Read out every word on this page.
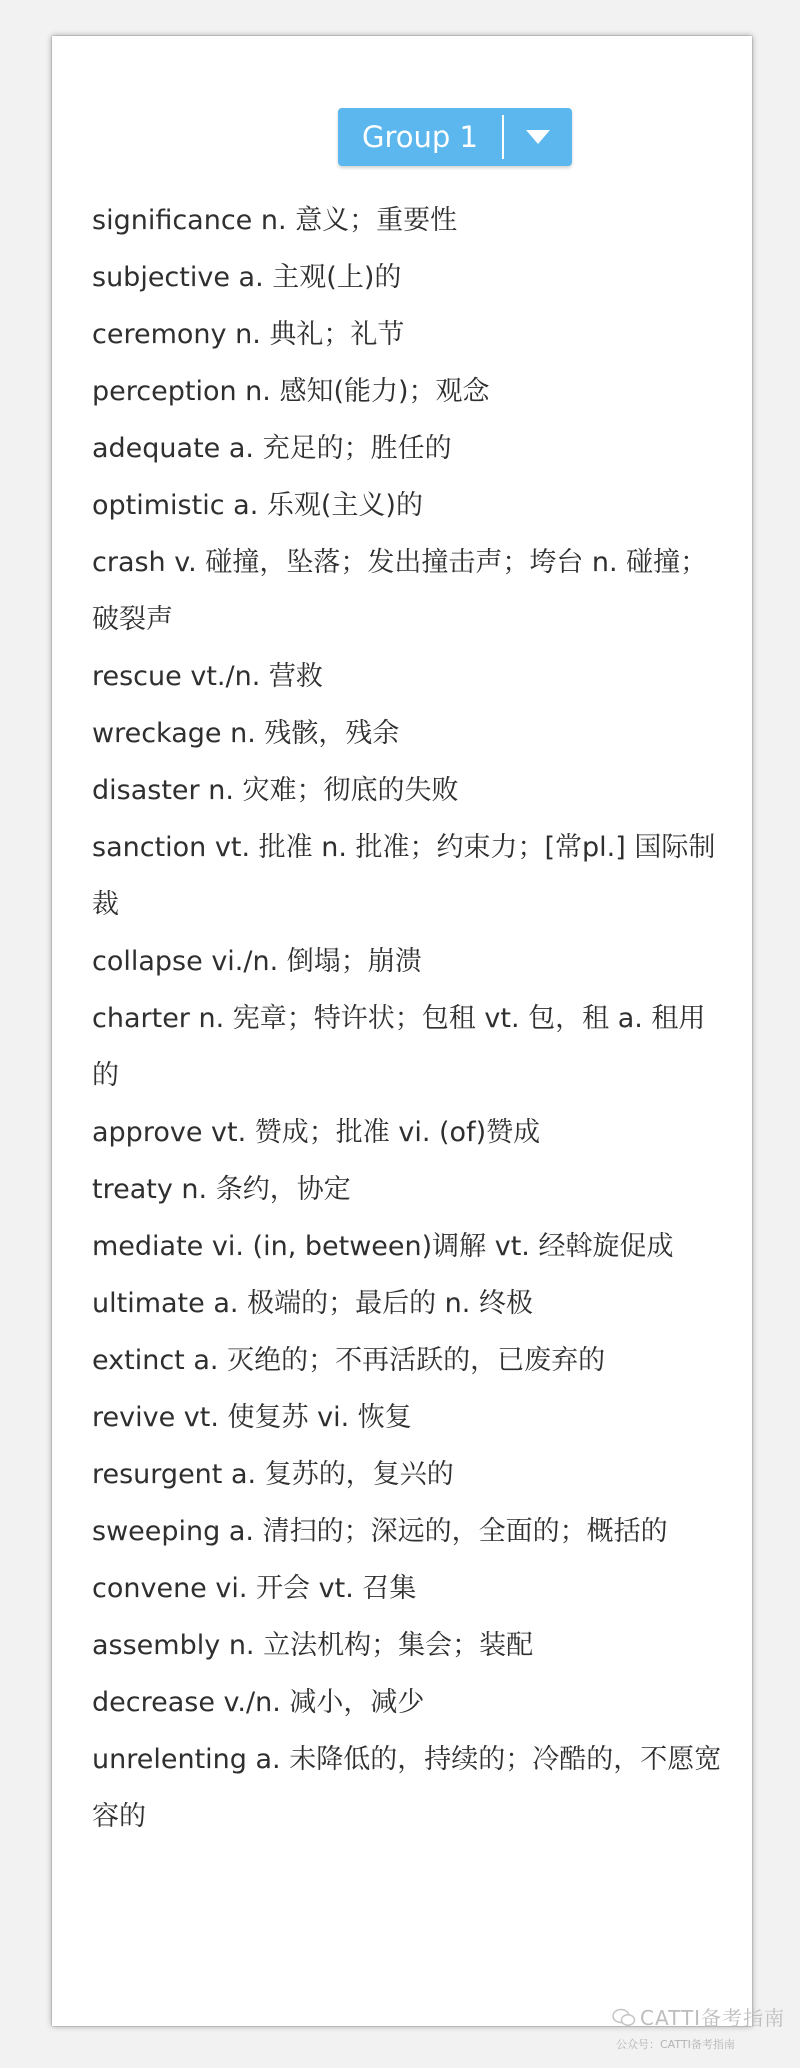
Group 1
significance n. 意义；重要性
subjective a. 主观(上)的
ceremony n. 典礼；礼节
perception n. 感知(能力)；观念
adequate a. 充足的；胜任的
optimistic a. 乐观(主义)的
crash v. 碰撞，坠落；发出撞击声；垮台 n. 碰撞；破裂声
rescue vt./n. 营救
wreckage n. 残骸，残余
disaster n. 灾难；彻底的失败
sanction vt. 批准 n. 批准；约束力；[常pl.] 国际制裁
collapse vi./n. 倒塌；崩溃
charter n. 宪章；特许状；包租 vt. 包，租 a. 租用的
approve vt. 赞成；批准 vi. (of)赞成
treaty n. 条约，协定
mediate vi. (in, between)调解 vt. 经斡旋促成
ultimate a. 极端的；最后的 n. 终极
extinct a. 灭绝的；不再活跃的，已废弃的
revive vt. 使复苏 vi. 恢复
resurgent a. 复苏的，复兴的
sweeping a. 清扫的；深远的，全面的；概括的
convene vi. 开会 vt. 召集
assembly n. 立法机构；集会；装配
decrease v./n. 减小，减少
unrelenting a. 未降低的，持续的；冷酷的，不愿宽容的
CATTI备考指南
公众号：CATTI备考指南
